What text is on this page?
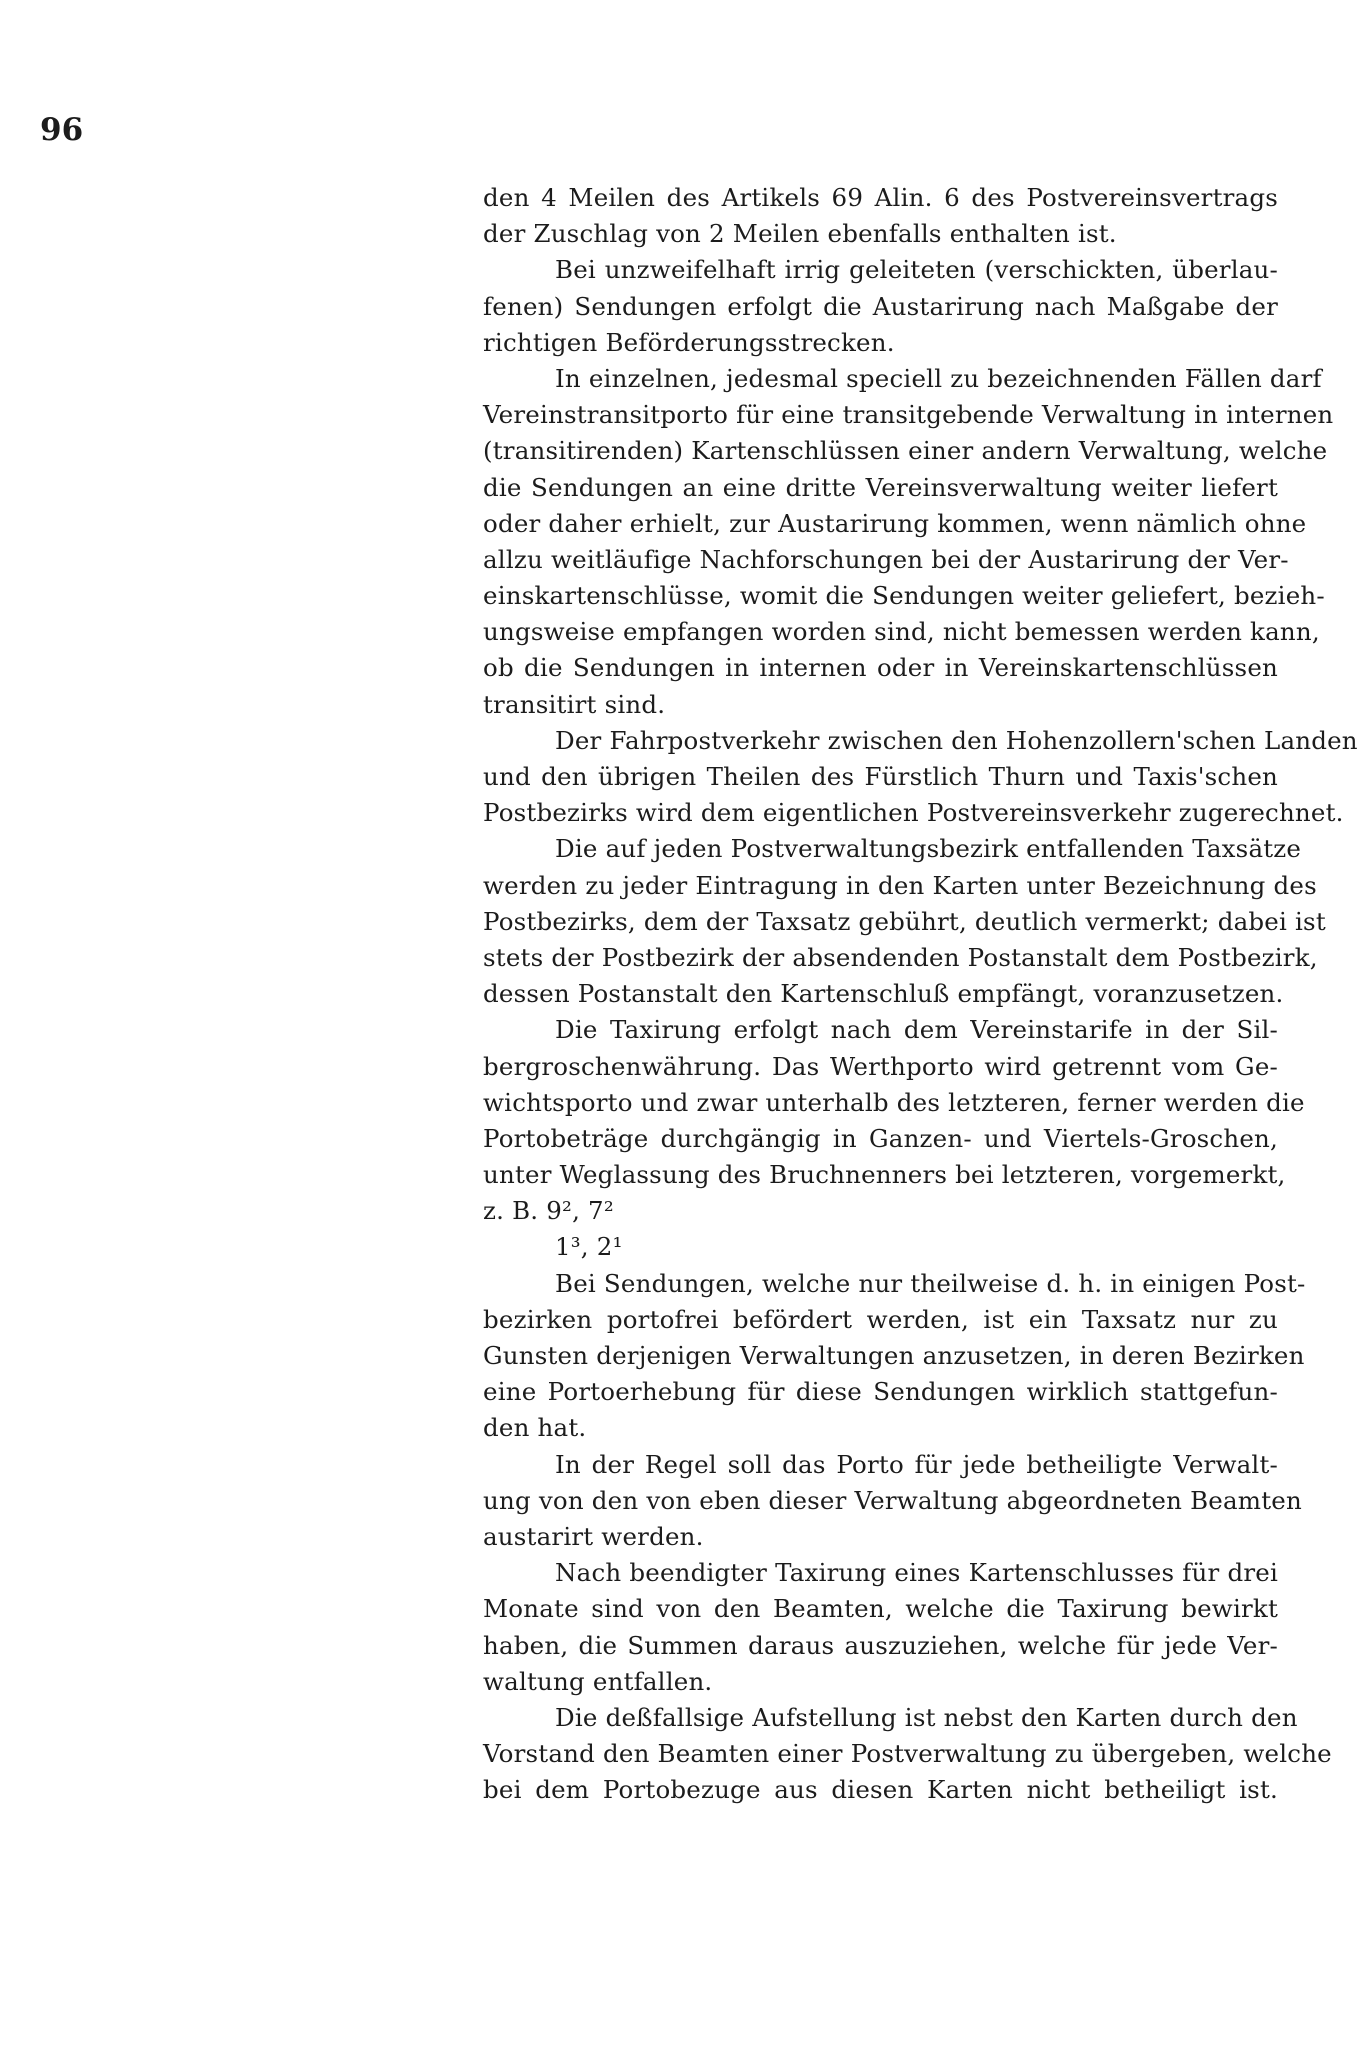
96
den 4 Meilen des Artikels 69 Alin. 6 des Postvereinsvertrags
der Zuschlag von 2 Meilen ebenfalls enthalten ist.
Bei unzweifelhaft irrig geleiteten (verschickten, überlau-
fenen) Sendungen erfolgt die Austarirung nach Maßgabe der
richtigen Beförderungsstrecken.
In einzelnen, jedesmal speciell zu bezeichnenden Fällen darf
Vereinstransitporto für eine transitgebende Verwaltung in internen
(transitirenden) Kartenschlüssen einer andern Verwaltung, welche
die Sendungen an eine dritte Vereinsverwaltung weiter liefert
oder daher erhielt, zur Austarirung kommen, wenn nämlich ohne
allzu weitläufige Nachforschungen bei der Austarirung der Ver-
einskartenschlüsse, womit die Sendungen weiter geliefert, bezieh-
ungsweise empfangen worden sind, nicht bemessen werden kann,
ob die Sendungen in internen oder in Vereinskartenschlüssen
transitirt sind.
Der Fahrpostverkehr zwischen den Hohenzollern'schen Landen
und den übrigen Theilen des Fürstlich Thurn und Taxis'schen
Postbezirks wird dem eigentlichen Postvereinsverkehr zugerechnet.
Die auf jeden Postverwaltungsbezirk entfallenden Taxsätze
werden zu jeder Eintragung in den Karten unter Bezeichnung des
Postbezirks, dem der Taxsatz gebührt, deutlich vermerkt; dabei ist
stets der Postbezirk der absendenden Postanstalt dem Postbezirk,
dessen Postanstalt den Kartenschluß empfängt, voranzusetzen.
Die Taxirung erfolgt nach dem Vereinstarife in der Sil-
bergroschenwährung. Das Werthporto wird getrennt vom Ge-
wichtsporto und zwar unterhalb des letzteren, ferner werden die
Portobeträge durchgängig in Ganzen- und Viertels-Groschen,
unter Weglassung des Bruchnenners bei letzteren, vorgemerkt,
z. B. 9², 7²
1³, 2¹
Bei Sendungen, welche nur theilweise d. h. in einigen Post-
bezirken portofrei befördert werden, ist ein Taxsatz nur zu
Gunsten derjenigen Verwaltungen anzusetzen, in deren Bezirken
eine Portoerhebung für diese Sendungen wirklich stattgefun-
den hat.
In der Regel soll das Porto für jede betheiligte Verwalt-
ung von den von eben dieser Verwaltung abgeordneten Beamten
austarirt werden.
Nach beendigter Taxirung eines Kartenschlusses für drei
Monate sind von den Beamten, welche die Taxirung bewirkt
haben, die Summen daraus auszuziehen, welche für jede Ver-
waltung entfallen.
Die deßfallsige Aufstellung ist nebst den Karten durch den
Vorstand den Beamten einer Postverwaltung zu übergeben, welche
bei dem Portobezuge aus diesen Karten nicht betheiligt ist.
